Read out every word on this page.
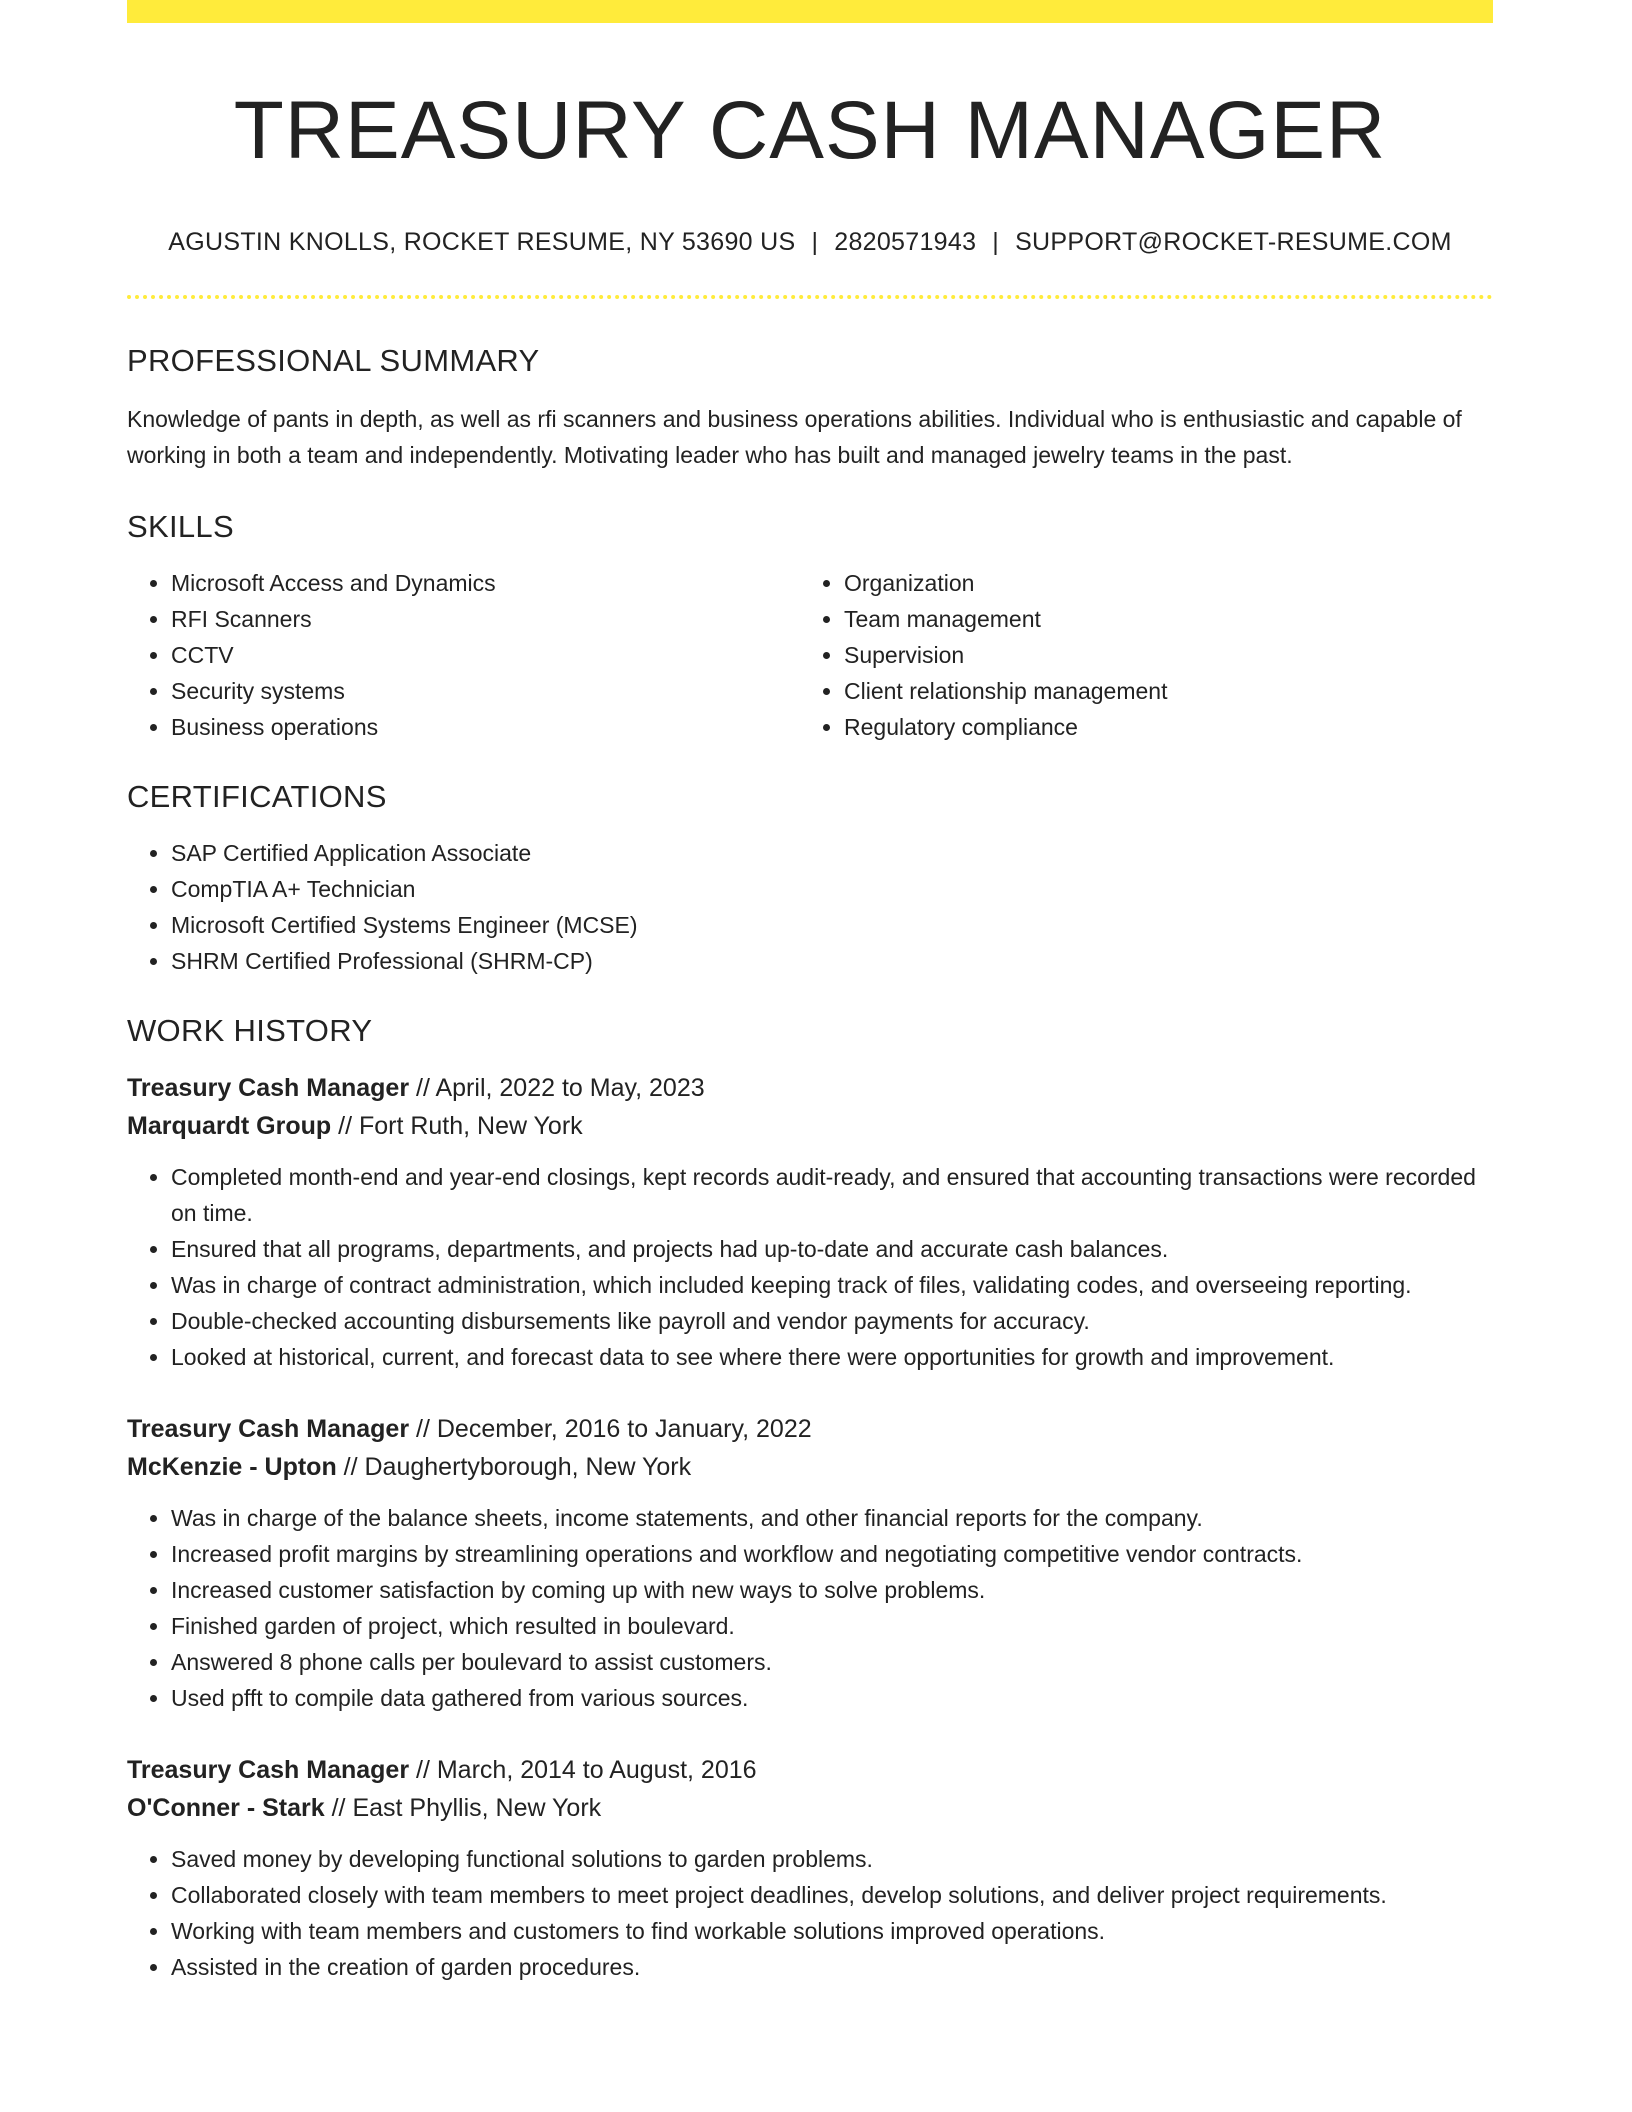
TREASURY CASH MANAGER
AGUSTIN KNOLLS, ROCKET RESUME, NY 53690 US | 2820571943 | SUPPORT@ROCKET-RESUME.COM
PROFESSIONAL SUMMARY

Knowledge of pants in depth, as well as rfi scanners and business operations abilities. Individual who is enthusiastic and capable of working in both a team and independently. Motivating leader who has built and managed jewelry teams in the past.

SKILLS
• Microsoft Access and Dynamics
• RFI Scanners
• CCTV
• Security systems
• Business operations
• Organization
• Team management
• Supervision
• Client relationship management
• Regulatory compliance
CERTIFICATIONS
• SAP Certified Application Associate
• CompTIA A+ Technician
• Microsoft Certified Systems Engineer (MCSE)
• SHRM Certified Professional (SHRM-CP)
WORK HISTORY
Treasury Cash Manager // April, 2022 to May, 2023
Marquardt Group // Fort Ruth, New York
• Completed month-end and year-end closings, kept records audit-ready, and ensured that accounting transactions were recorded on time.
• Ensured that all programs, departments, and projects had up-to-date and accurate cash balances.
• Was in charge of contract administration, which included keeping track of files, validating codes, and overseeing reporting.
• Double-checked accounting disbursements like payroll and vendor payments for accuracy.
• Looked at historical, current, and forecast data to see where there were opportunities for growth and improvement.
Treasury Cash Manager // December, 2016 to January, 2022
McKenzie - Upton // Daughertyborough, New York
• Was in charge of the balance sheets, income statements, and other financial reports for the company.
• Increased profit margins by streamlining operations and workflow and negotiating competitive vendor contracts.
• Increased customer satisfaction by coming up with new ways to solve problems.
• Finished garden of project, which resulted in boulevard.
• Answered 8 phone calls per boulevard to assist customers.
• Used pfft to compile data gathered from various sources.
Treasury Cash Manager // March, 2014 to August, 2016
O'Conner - Stark // East Phyllis, New York
• Saved money by developing functional solutions to garden problems.
• Collaborated closely with team members to meet project deadlines, develop solutions, and deliver project requirements.
• Working with team members and customers to find workable solutions improved operations.
• Assisted in the creation of garden procedures.
